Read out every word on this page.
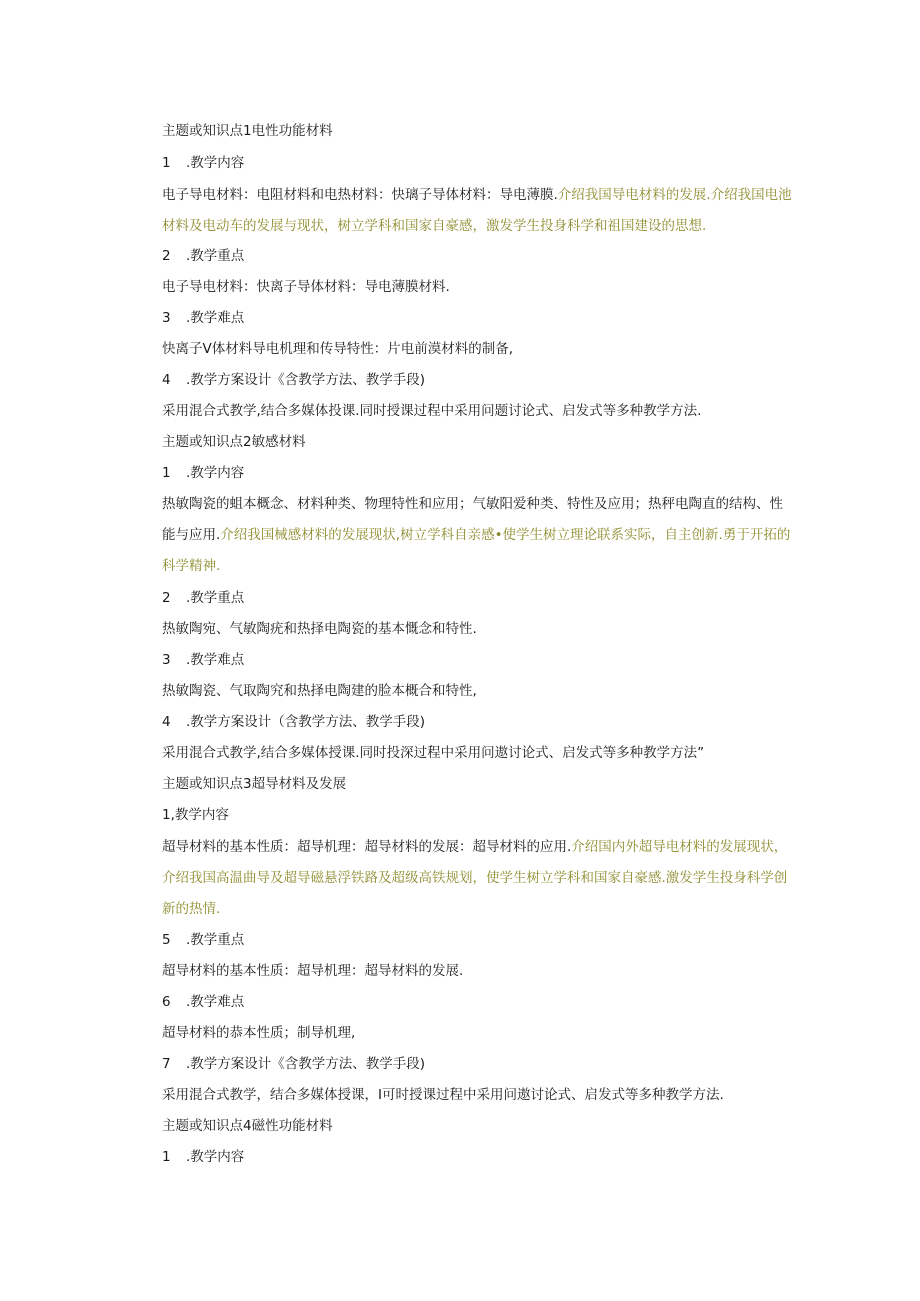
主题或知识点1电性功能材料
1 .教学内容
电子导电材料：电阻材料和电热材料：快璃子导体材料：导电薄膜.介绍我国导电材料的发展.介绍我国电池材料及电动车的发展与现状，树立学科和国家自豪感，激发学生投身科学和祖国建设的思想.
2 .教学重点
电子导电材料：快离子导体材料：导电薄膜材料.
3 .教学难点
快离子V体材料导电机理和传导特性：片电前漠材料的制备,
4 .教学方案设计《含教学方法、教学手段)
采用混合式教学,结合多媒体投课.同时授课过程中采用问题讨论式、启发式等多种教学方法.
主题或知识点2敏感材料
1 .教学内容
热敏陶瓷的蛆本概念、材料种类、物理特性和应用；气敏阳爱种类、特性及应用；热秤电陶直的结构、性能与应用.介绍我国械感材料的发展现状,树立学科自亲感•使学生树立理论联系实际，自主创新.勇于开拓的科学精神.
2 .教学重点
热敏陶宛、气敏陶疣和热择电陶瓷的基本慨念和特性.
3 .教学难点
热敏陶瓷、气取陶究和热择电陶建的脸本概合和特性,
4 .教学方案设计（含教学方法、教学手段)
采用混合式教学,结合多媒体授课.同时投深过程中采用问遨讨论式、启发式等多种教学方法”
主题或知识点3超导材料及发展
1,教学内容
超导材料的基本性质：超导机理：超导材料的发展：超导材料的应用.介绍国内外超导电材料的发展现状，介绍我国高温曲导及超导磁悬浮铁路及超级高铁规划，使学生树立学科和国家自豪感.激发学生投身科学创新的热情.
5 .教学重点
超导材料的基本性质：超导机理：超导材料的发展.
6 .教学难点
超导材料的恭本性质；制导机理,
7 .教学方案设计《含教学方法、教学手段)
采用混合式教学，结合多媒体授课，I可时授课过程中采用问遨讨论式、启发式等多种教学方法.
主题或知识点4磁性功能材料
1 .教学内容
